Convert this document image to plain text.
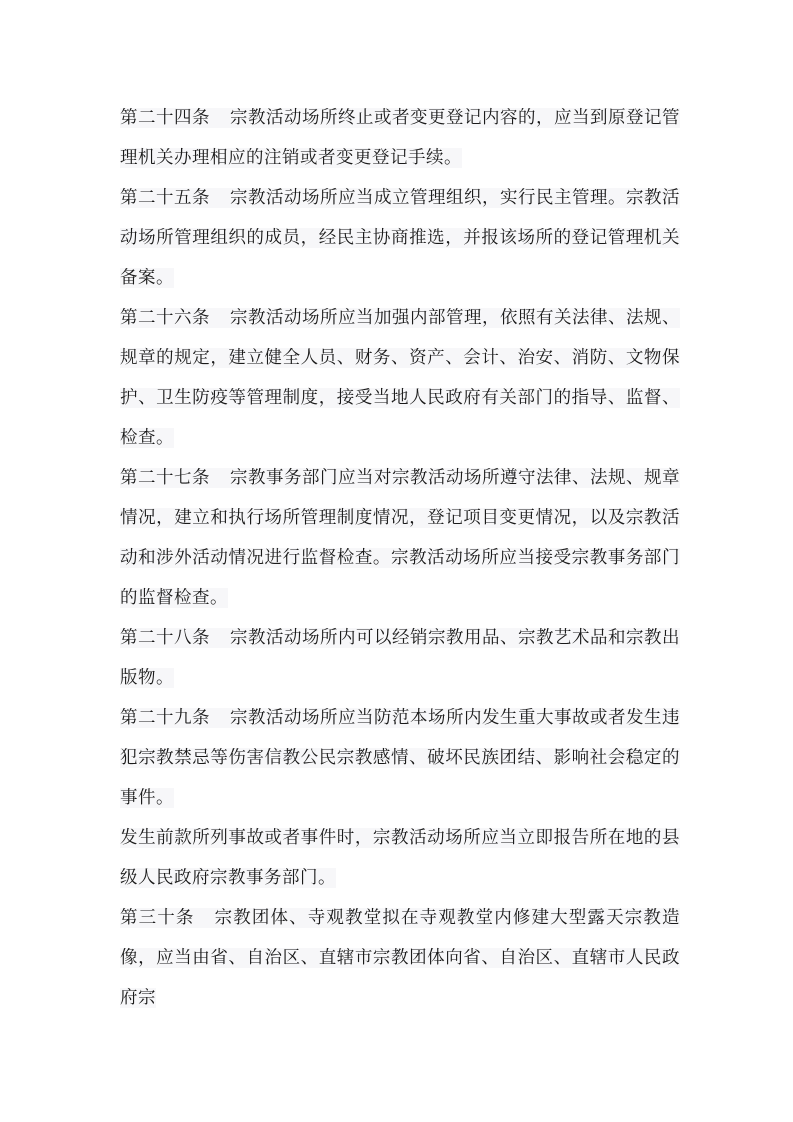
第二十四条 宗教活动场所终止或者变更登记内容的，应当到原登记管理机关办理相应的注销或者变更登记手续。

第二十五条 宗教活动场所应当成立管理组织，实行民主管理。宗教活动场所管理组织的成员，经民主协商推选，并报该场所的登记管理机关备案。

第二十六条 宗教活动场所应当加强内部管理，依照有关法律、法规、规章的规定，建立健全人员、财务、资产、会计、治安、消防、文物保护、卫生防疫等管理制度，接受当地人民政府有关部门的指导、监督、检查。

第二十七条 宗教事务部门应当对宗教活动场所遵守法律、法规、规章情况，建立和执行场所管理制度情况，登记项目变更情况，以及宗教活动和涉外活动情况进行监督检查。宗教活动场所应当接受宗教事务部门的监督检查。

第二十八条 宗教活动场所内可以经销宗教用品、宗教艺术品和宗教出版物。

第二十九条 宗教活动场所应当防范本场所内发生重大事故或者发生违犯宗教禁忌等伤害信教公民宗教感情、破坏民族团结、影响社会稳定的事件。

发生前款所列事故或者事件时，宗教活动场所应当立即报告所在地的县级人民政府宗教事务部门。

第三十条 宗教团体、寺观教堂拟在寺观教堂内修建大型露天宗教造像，应当由省、自治区、直辖市宗教团体向省、自治区、直辖市人民政府宗
